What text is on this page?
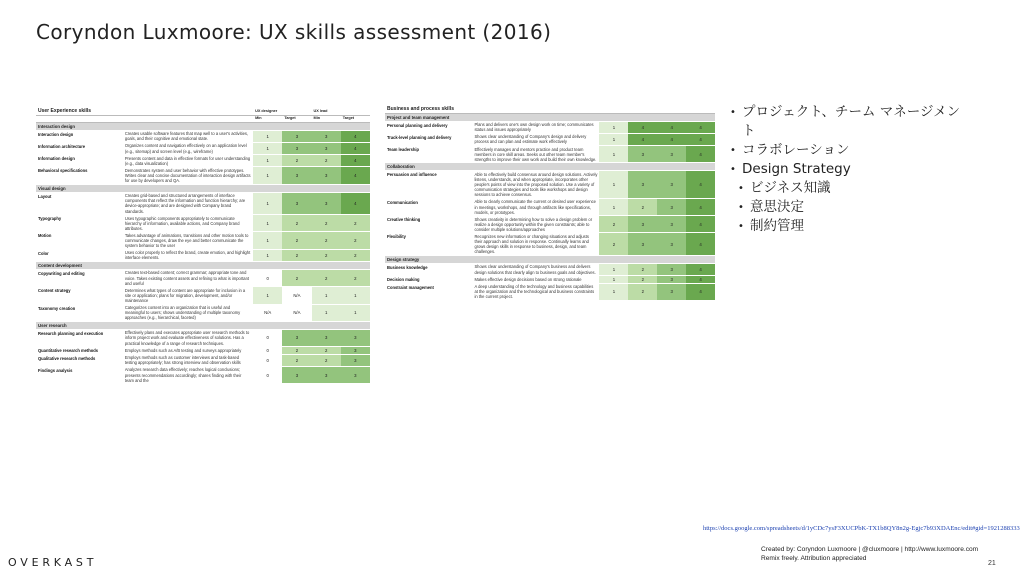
Coryndon Luxmoore: UX skills assessment (2016)
User Experience skills		UX designer		UX lead	
		Min	Target	Min	Target
Interaction design					
Interaction design	Creates usable software features that map well to a user's activities, goals, and their cognitive and emotional state.	1	3	3	4
Information architecture	Organizes content and navigation effectively on an application level (e.g., sitemap) and screen level (e.g., wireframe)	1	3	3	4
Information design	Presents content and data in effective formats for user understanding (e.g., data visualization)	1	2	2	4
Behavioral specifications	Demonstrates system and user behavior with effective prototypes. Writes clear and concise documentation of interaction design artifacts for use by developers and QA.	1	3	3	4
Visual design					
Layout	Creates grid-based and structured arrangements of interface components that reflect the information and function hierarchy; are device-appropriate; and are designed with Company brand standards.	1	3	3	4
Typography	Uses typographic components appropriately to communicate hierarchy of information, available actions, and Company brand attributes.	1	2	2	2
Motion	Takes advantage of animations, transitions and other motion tools to communicate changes, draw the eye and better communicate the system behavior to the user	1	2	2	2
Color	Uses color properly to reflect the brand, create emotion, and highlight interface elements.	1	2	2	2
Content development					
Copywriting and editing	Creates text-based content; correct grammar; appropriate tone and voice. Takes existing content assets and refining to what is important and useful	0	2	2	2
Content strategy	Determines what types of content are appropriate for inclusion in a site or application; plans for migration, development, and/or maintenance	1	N/A	1	1
Taxonomy creation	Categorizes content into an organization that is useful and meaningful to users; shows understanding of multiple taxonomy approaches (e.g., hierarchical, faceted)	N/A	N/A	1	1
User research					
Research planning and execution	Effectively plans and executes appropriate user research methods to inform project work and evaluate effectiveness of solutions. Has a practical knowledge of a range of research techniques.	0	3	3	3
Quantitative research methods	Employs methods such as A/B testing and surveys appropriately	0	2	2	3
Qualitative research methods	Employs methods such as customer interviews and task-based testing appropriately; has strong interview and observation skills	0	2	2	3
Findings analysis	Analyzes research data effectively; reaches logical conclusions; presents recommendations accordingly; shares finding with their team and the	0	3	3	3
Business and process skills					
Project and team management					
Personal planning and delivery	Plans and delivers one's own design work on time; communicates status and issues appropriately	1	4	4	4
Track-level planning and delivery	Shows clear understanding of Company's design and delivery process and can plan and estimate work effectively	1	4	4	4
Team leadership	Effectively manages and mentors practice and product team members in core skill areas. Seeks out other team member's strengths to improve their own work and build their own knowledge.	1	3	3	4
Collaboration					
Persuasion and influence	Able to effectively build consensus around design solutions. Actively listens, understands, and when appropriate, incorporates other people's points of view into the proposed solution. Use a variety of communication strategies and tools like workshops and design sessions to achieve consensus.	1	3	3	4
Communication	Able to clearly communicate the current or desired user experience in meetings, workshops, and through artifacts like specifications, models, or prototypes.	1	2	3	4
Creative thinking	Shows creativity in determining how to solve a design problem or realize a design opportunity within the given constraints; able to consider multiple solutions/approaches	2	3	3	4
Flexibility	Recognizes new information or changing situations and adjusts their approach and solution in response. Continually learns and grows design skills in response to business, design, and team challenges.	2	3	3	4
Design strategy					
Business knowledge	Shows clear understanding of Company's business and delivers design solutions that clearly align to business goals and objectives.	1	2	3	4
Decision making	Makes effective design decisions based on strong rationale	1	2	3	4
Constraint management	A deep understanding of the technology and business capabilities at the organization and the technological and business constraints in the current project.	1	2	3	4
• プロジェクト、チーム マネージメント
• コラボレーション
• Design Strategy
• ビジネス知識
• 意思決定
• 制約管理
https://docs.google.com/spreadsheets/d/1yCDc7ysF3XUCPbK-TX1b8QY8n2g-Egjc7b93XDAEnc/edit#gid=1921288333
Created by: Coryndon Luxmoore | @cluxmoore | http://www.luxmoore.com
Remix freely. Attribution appreciated
OVERKAST	21
